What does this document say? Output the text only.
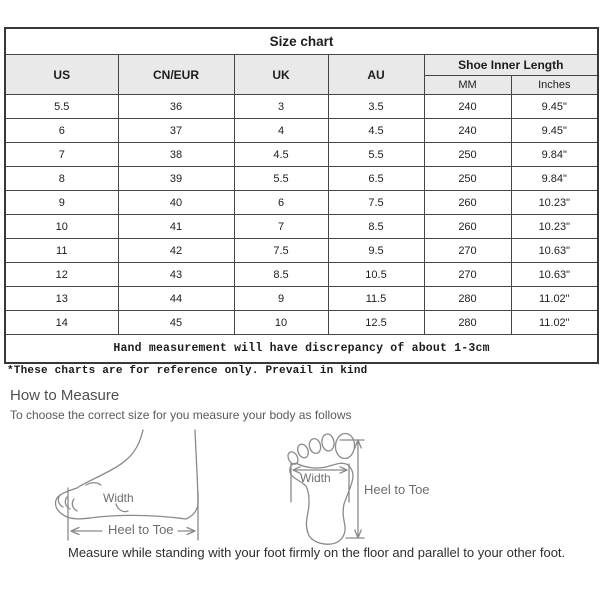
Size chart					
US	CN/EUR	UK	AU	Shoe Inner Length	
				MM	Inches
5.5	36	3	3.5	240	9.45"
6	37	4	4.5	240	9.45"
7	38	4.5	5.5	250	9.84"
8	39	5.5	6.5	250	9.84"
9	40	6	7.5	260	10.23"
10	41	7	8.5	260	10.23"
11	42	7.5	9.5	270	10.63"
12	43	8.5	10.5	270	10.63"
13	44	9	11.5	280	11.02"
14	45	10	12.5	280	11.02"
Hand measurement will have discrepancy of about 1-3cm					
*These charts are for reference only. Prevail in kind
How to Measure
To choose the correct size for you measure your body as follows
Width
Heel to Toe
Width
Heel to Toe
Measure while standing with your foot firmly on the floor and parallel to your other foot.
